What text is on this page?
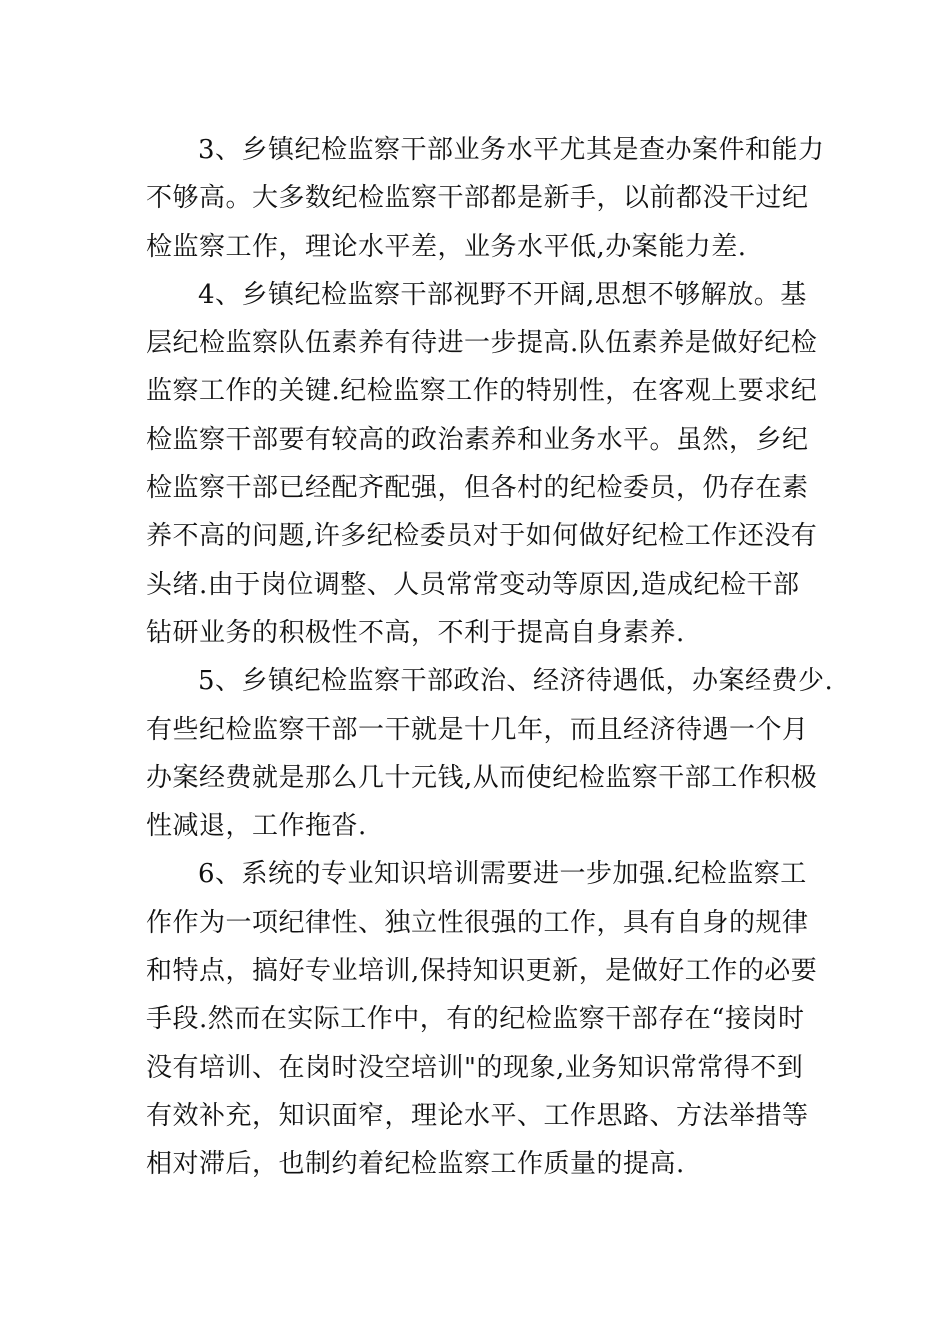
3、乡镇纪检监察干部业务水平尤其是查办案件和能力
不够高。大多数纪检监察干部都是新手，以前都没干过纪
检监察工作，理论水平差，业务水平低,办案能力差.
4、乡镇纪检监察干部视野不开阔,思想不够解放。基
层纪检监察队伍素养有待进一步提高.队伍素养是做好纪检
监察工作的关键.纪检监察工作的特别性，在客观上要求纪
检监察干部要有较高的政治素养和业务水平。虽然，乡纪
检监察干部已经配齐配强，但各村的纪检委员，仍存在素
养不高的问题,许多纪检委员对于如何做好纪检工作还没有
头绪.由于岗位调整、人员常常变动等原因,造成纪检干部
钻研业务的积极性不高，不利于提高自身素养.
5、乡镇纪检监察干部政治、经济待遇低，办案经费少.
有些纪检监察干部一干就是十几年，而且经济待遇一个月
办案经费就是那么几十元钱,从而使纪检监察干部工作积极
性减退，工作拖沓.
6、系统的专业知识培训需要进一步加强.纪检监察工
作作为一项纪律性、独立性很强的工作，具有自身的规律
和特点，搞好专业培训,保持知识更新，是做好工作的必要
手段.然而在实际工作中，有的纪检监察干部存在“接岗时
没有培训、在岗时没空培训"的现象,业务知识常常得不到
有效补充，知识面窄，理论水平、工作思路、方法举措等
相对滞后，也制约着纪检监察工作质量的提高.
